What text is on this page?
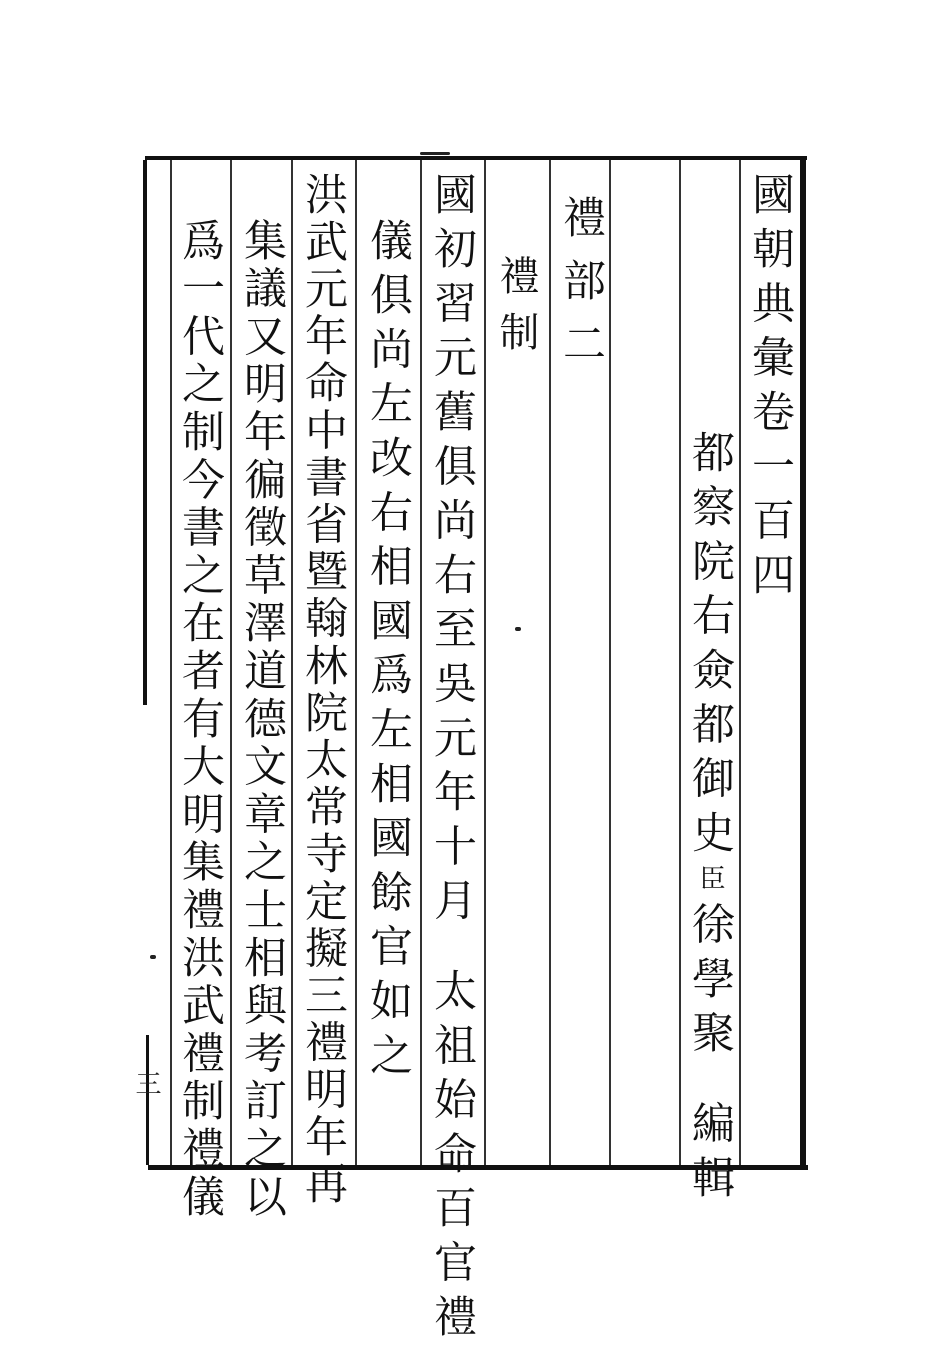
國朝典彙卷一百四
都察院右僉都御史臣徐學聚編輯
禮部二
禮制
國初習元舊俱尚右至吳元年十月太祖始命百官禮
儀俱尚左改右相國爲左相國餘官如之
洪武元年命中書省暨翰林院太常寺定擬三禮明年再
集議又明年徧徵草澤道德文章之士相與考訂之以
爲一代之制今書之在者有大明集禮洪武禮制禮儀
三
